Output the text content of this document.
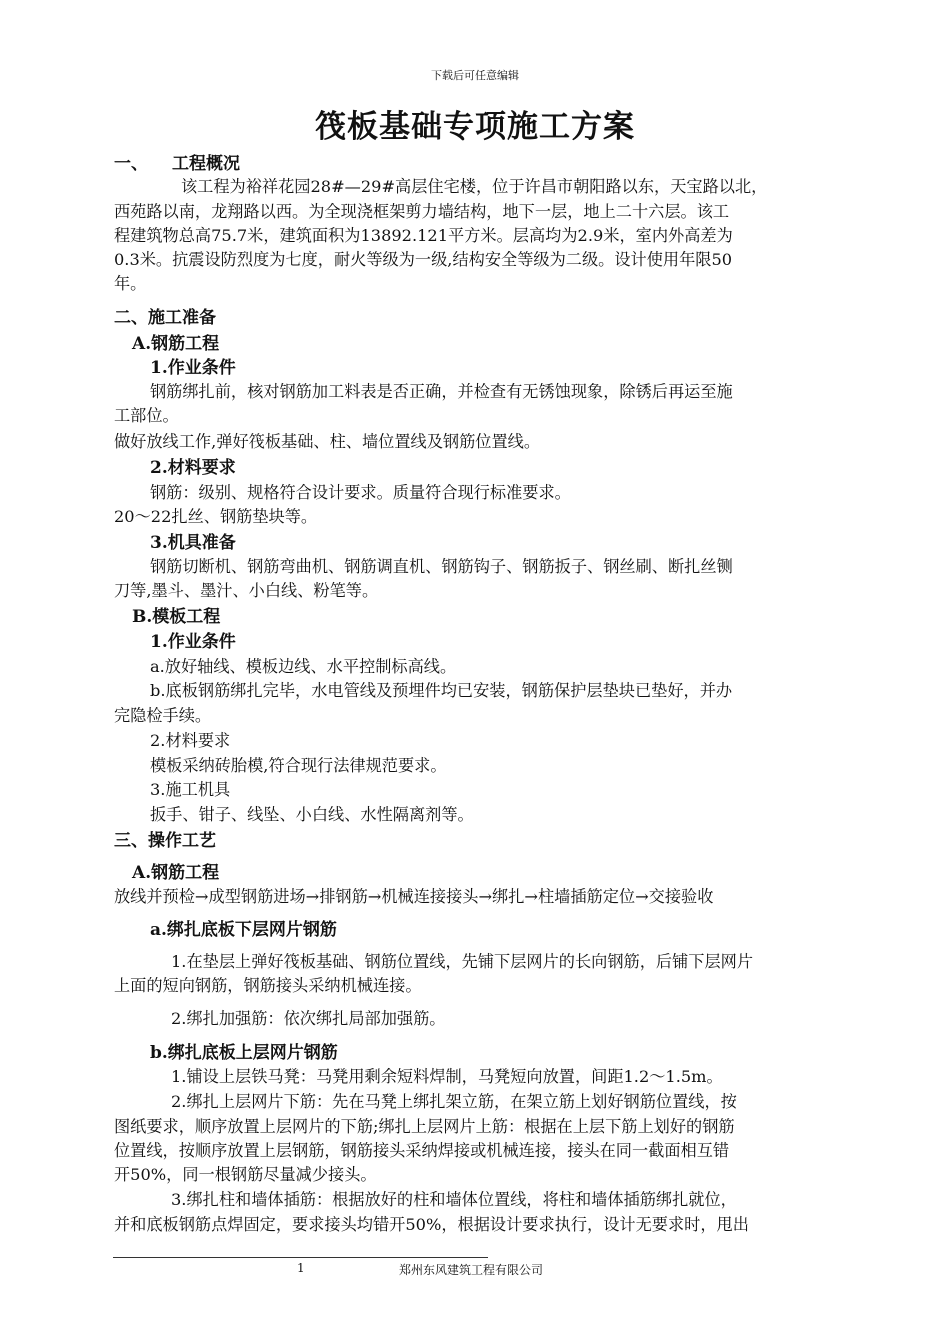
下载后可任意编辑
筏板基础专项施工方案
一、 工程概况
该工程为裕祥花园28#—29#高层住宅楼，位于许昌市朝阳路以东，天宝路以北，
西苑路以南，龙翔路以西。为全现浇框架剪力墙结构，地下一层，地上二十六层。该工
程建筑物总高75.7米，建筑面积为13892.121平方米。层高均为2.9米，室内外高差为
0.3米。抗震设防烈度为七度，耐火等级为一级,结构安全等级为二级。设计使用年限50
年。
二、施工准备
A.钢筋工程
1.作业条件
钢筋绑扎前，核对钢筋加工料表是否正确，并检查有无锈蚀现象，除锈后再运至施
工部位。
做好放线工作,弹好筏板基础、柱、墙位置线及钢筋位置线。
2.材料要求
钢筋：级别、规格符合设计要求。质量符合现行标准要求。
20～22扎丝、钢筋垫块等。
3.机具准备
钢筋切断机、钢筋弯曲机、钢筋调直机、钢筋钩子、钢筋扳子、钢丝刷、断扎丝铡
刀等,墨斗、墨汁、小白线、粉笔等。
B.模板工程
1.作业条件
a.放好轴线、模板边线、水平控制标高线。
b.底板钢筋绑扎完毕，水电管线及预埋件均已安装，钢筋保护层垫块已垫好，并办
完隐检手续。
2.材料要求
模板采纳砖胎模,符合现行法律规范要求。
3.施工机具
扳手、钳子、线坠、小白线、水性隔离剂等。
三、操作工艺
A.钢筋工程
放线并预检→成型钢筋进场→排钢筋→机械连接接头→绑扎→柱墙插筋定位→交接验收
a.绑扎底板下层网片钢筋
1.在垫层上弹好筏板基础、钢筋位置线，先铺下层网片的长向钢筋，后铺下层网片
上面的短向钢筋，钢筋接头采纳机械连接。
2.绑扎加强筋：依次绑扎局部加强筋。
b.绑扎底板上层网片钢筋
1.铺设上层铁马凳：马凳用剩余短料焊制，马凳短向放置，间距1.2～1.5m。
2.绑扎上层网片下筋：先在马凳上绑扎架立筋，在架立筋上划好钢筋位置线，按
图纸要求，顺序放置上层网片的下筋;绑扎上层网片上筋：根据在上层下筋上划好的钢筋
位置线，按顺序放置上层钢筋，钢筋接头采纳焊接或机械连接，接头在同一截面相互错
开50%，同一根钢筋尽量减少接头。
3.绑扎柱和墙体插筋：根据放好的柱和墙体位置线，将柱和墙体插筋绑扎就位，
并和底板钢筋点焊固定，要求接头均错开50%，根据设计要求执行，设计无要求时，甩出
1	郑州东风建筑工程有限公司
